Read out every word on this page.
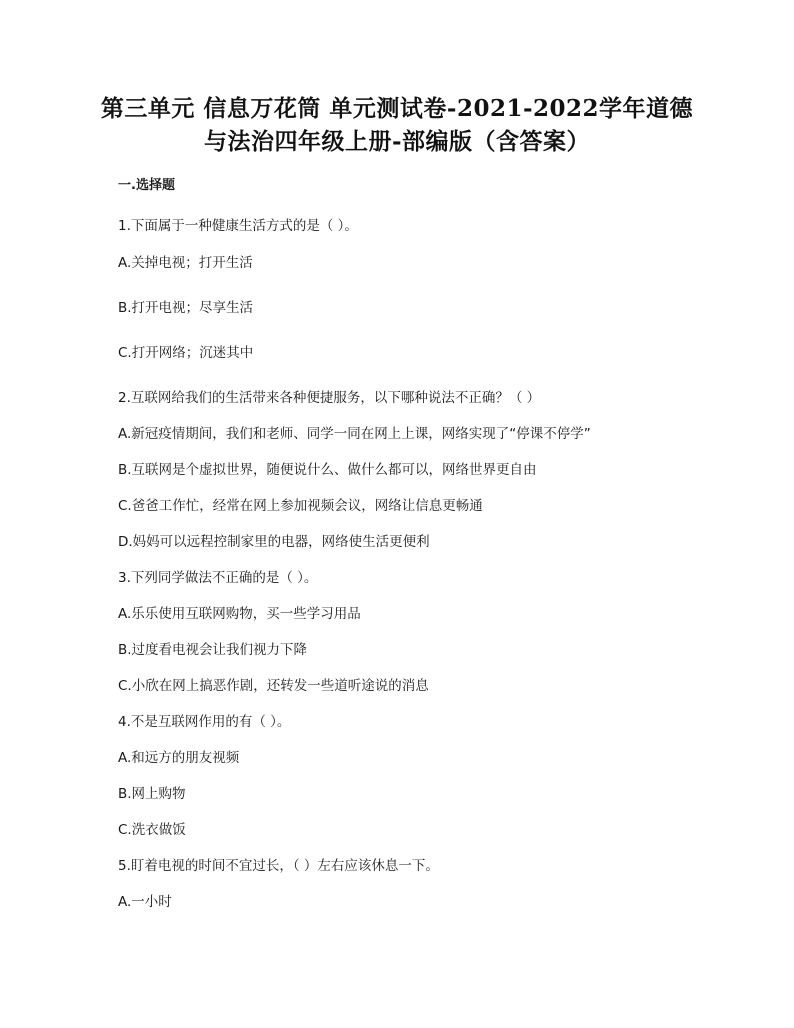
第三单元 信息万花筒 单元测试卷-2021-2022学年道德
与法治四年级上册-部编版（含答案）
一.选择题
1.下面属于一种健康生活方式的是（ ）。
A.关掉电视；打开生活
B.打开电视；尽享生活
C.打开网络；沉迷其中
2.互联网给我们的生活带来各种便捷服务，以下哪种说法不正确？（ ）
A.新冠疫情期间，我们和老师、同学一同在网上上课，网络实现了“停课不停学”
B.互联网是个虚拟世界，随便说什么、做什么都可以，网络世界更自由
C.爸爸工作忙，经常在网上参加视频会议，网络让信息更畅通
D.妈妈可以远程控制家里的电器，网络使生活更便利
3.下列同学做法不正确的是（ ）。
A.乐乐使用互联网购物，买一些学习用品
B.过度看电视会让我们视力下降
C.小欣在网上搞恶作剧，还转发一些道听途说的消息
4.不是互联网作用的有（ ）。
A.和远方的朋友视频
B.网上购物
C.洗衣做饭
5.盯着电视的时间不宜过长，（ ）左右应该休息一下。
A.一小时
